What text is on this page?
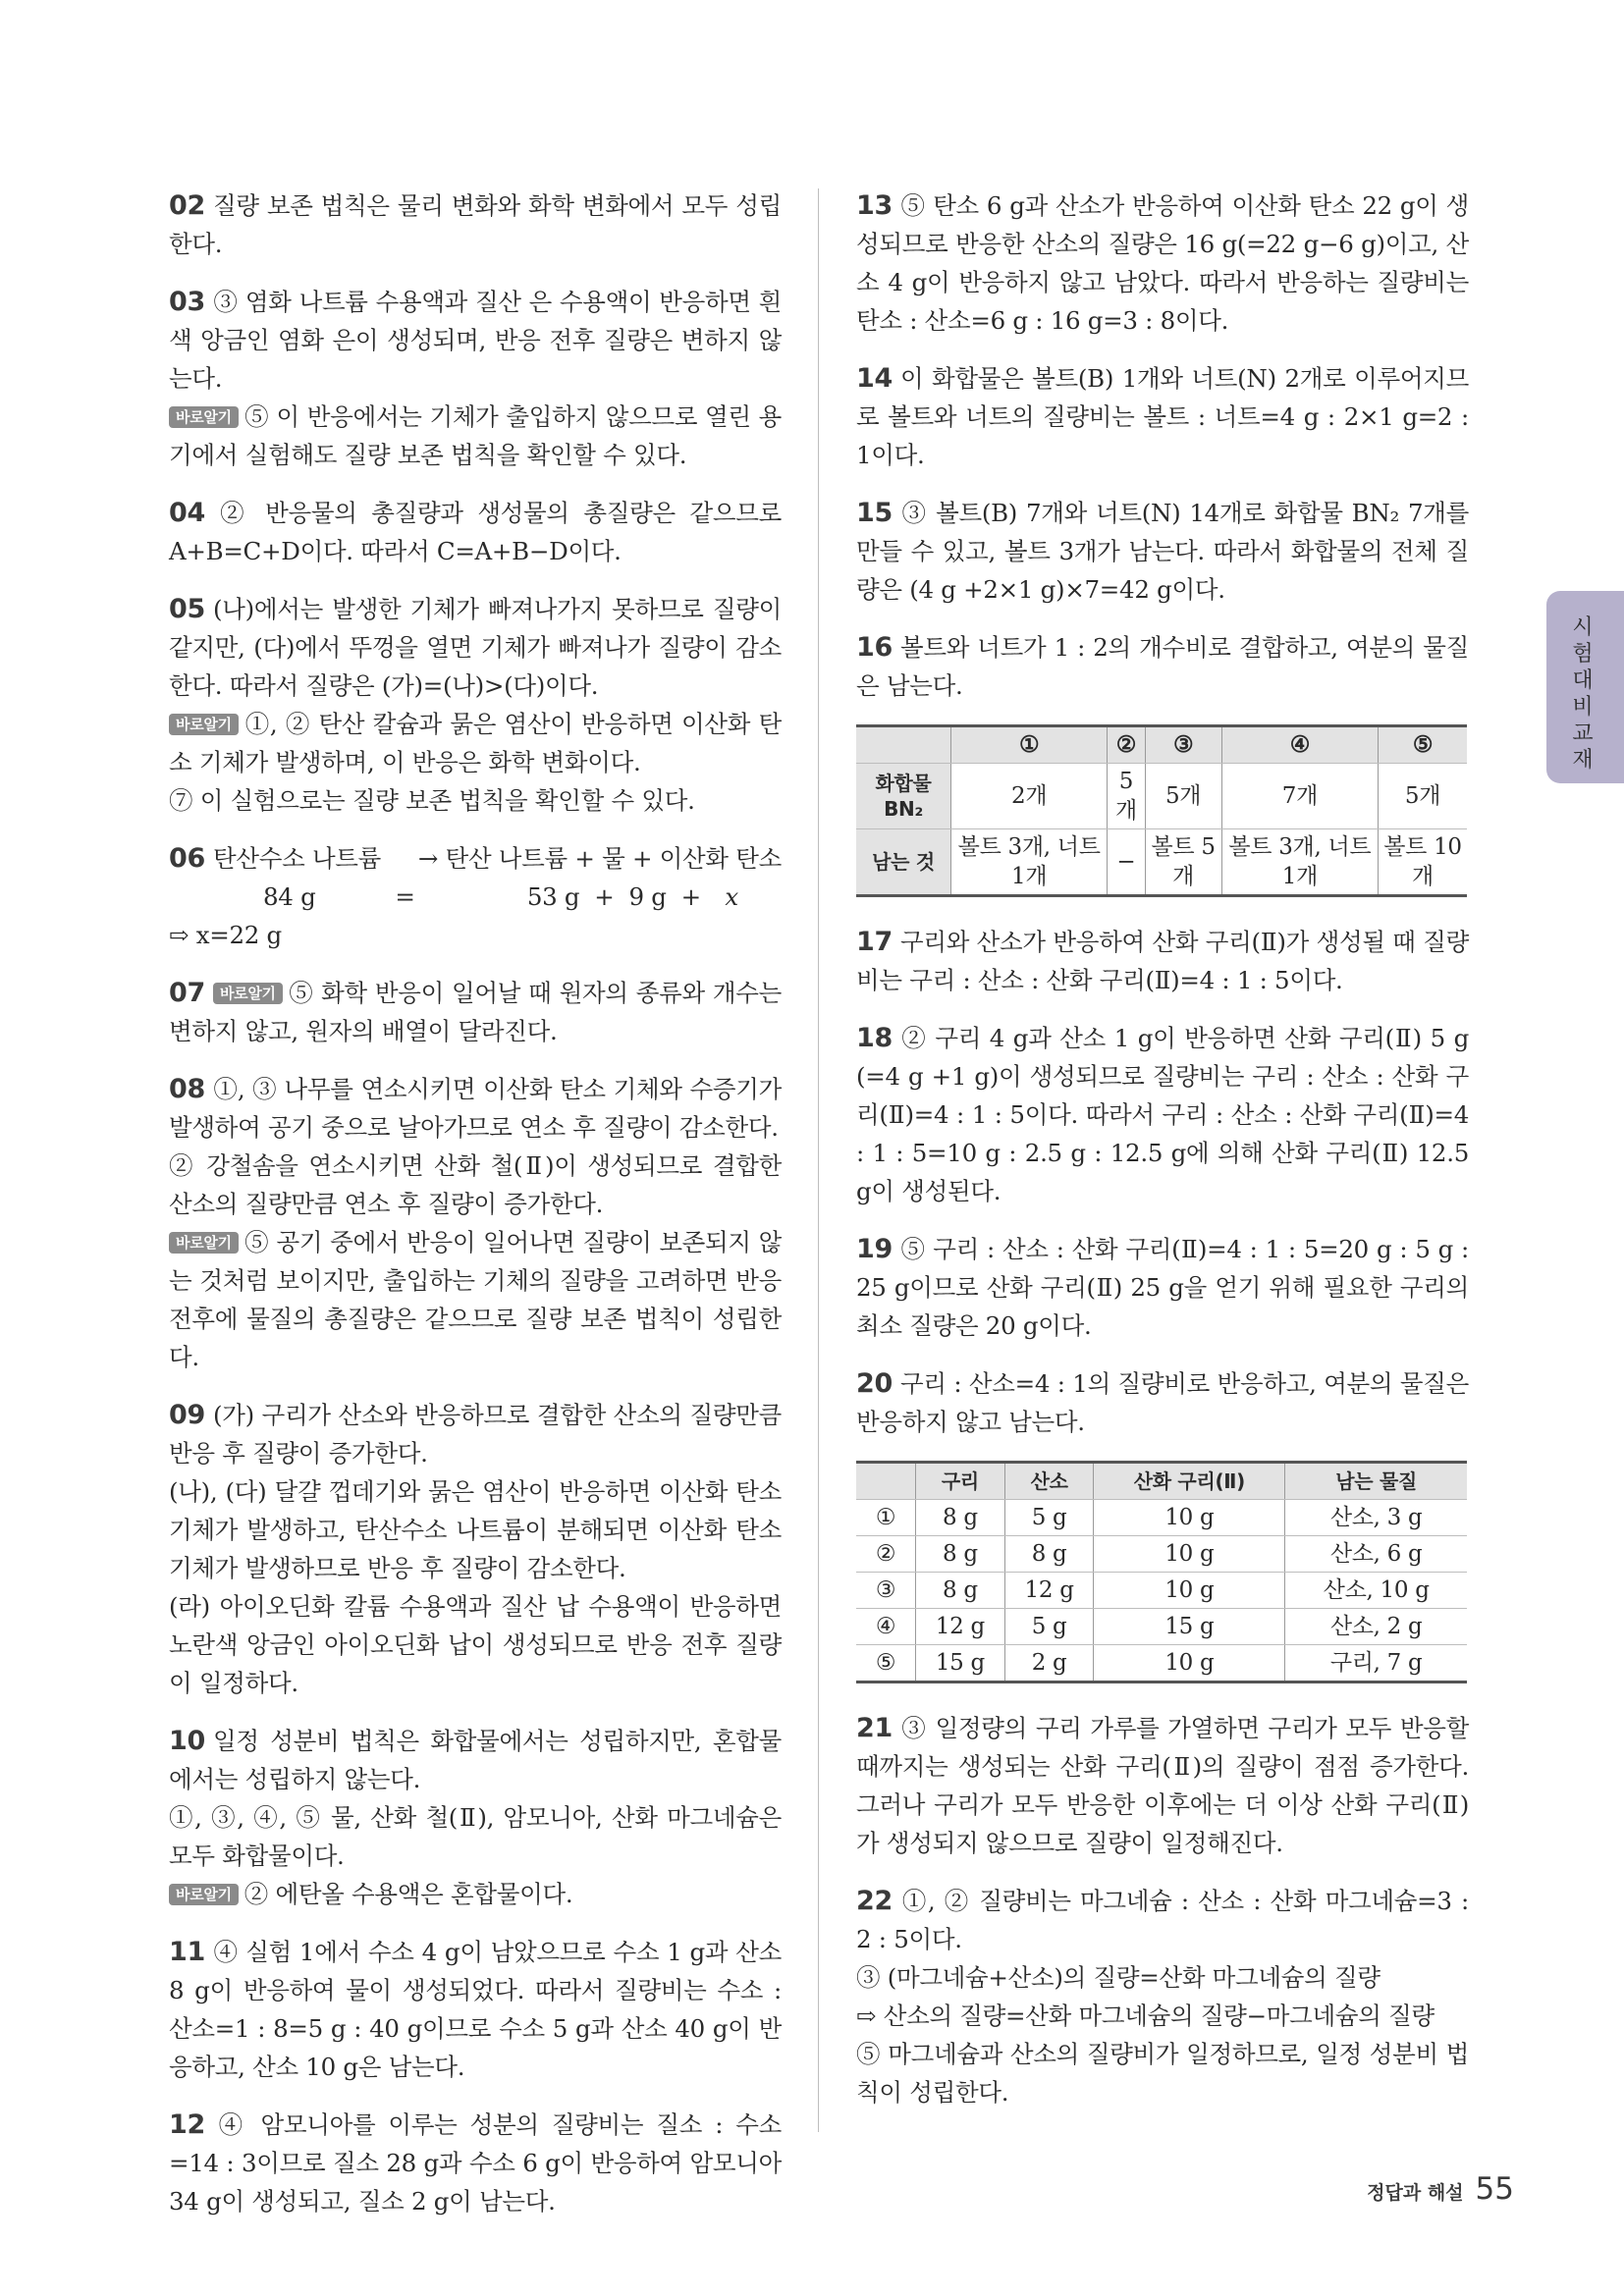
02 질량 보존 법칙은 물리 변화와 화학 변화에서 모두 성립한다.

03 ③ 염화 나트륨 수용액과 질산 은 수용액이 반응하면 흰색 앙금인 염화 은이 생성되며, 반응 전후 질량은 변하지 않는다.

바로알기 ⑤ 이 반응에서는 기체가 출입하지 않으므로 열린 용기에서 실험해도 질량 보존 법칙을 확인할 수 있다.

04 ② 반응물의 총질량과 생성물의 총질량은 같으므로 A+B=C+D이다. 따라서 C=A+B−D이다.

05 (나)에서는 발생한 기체가 빠져나가지 못하므로 질량이 같지만, (다)에서 뚜껑을 열면 기체가 빠져나가 질량이 감소한다. 따라서 질량은 (가)=(나)>(다)이다.

바로알기 ①, ② 탄산 칼슘과 묽은 염산이 반응하면 이산화 탄소 기체가 발생하며, 이 반응은 화학 변화이다.

⑦ 이 실험으로는 질량 보존 법칙을 확인할 수 있다.

06 탄산수소 나트륨	→ 탄산 나트륨 + 물 + 이산화 탄소

84 g	=	53 g  +  9 g  +	x

⇨ x=22 g

07 바로알기 ⑤ 화학 반응이 일어날 때 원자의 종류와 개수는 변하지 않고, 원자의 배열이 달라진다.

08 ①, ③ 나무를 연소시키면 이산화 탄소 기체와 수증기가 발생하여 공기 중으로 날아가므로 연소 후 질량이 감소한다.

② 강철솜을 연소시키면 산화 철(Ⅱ)이 생성되므로 결합한 산소의 질량만큼 연소 후 질량이 증가한다.

바로알기 ⑤ 공기 중에서 반응이 일어나면 질량이 보존되지 않는 것처럼 보이지만, 출입하는 기체의 질량을 고려하면 반응 전후에 물질의 총질량은 같으므로 질량 보존 법칙이 성립한다.

09 (가) 구리가 산소와 반응하므로 결합한 산소의 질량만큼 반응 후 질량이 증가한다.

(나), (다) 달걀 껍데기와 묽은 염산이 반응하면 이산화 탄소 기체가 발생하고, 탄산수소 나트륨이 분해되면 이산화 탄소 기체가 발생하므로 반응 후 질량이 감소한다.

(라) 아이오딘화 칼륨 수용액과 질산 납 수용액이 반응하면 노란색 앙금인 아이오딘화 납이 생성되므로 반응 전후 질량이 일정하다.

10 일정 성분비 법칙은 화합물에서는 성립하지만, 혼합물에서는 성립하지 않는다.

①, ③, ④, ⑤ 물, 산화 철(Ⅱ), 암모니아, 산화 마그네슘은 모두 화합물이다.

바로알기 ② 에탄올 수용액은 혼합물이다.

11 ④ 실험 1에서 수소 4 g이 남았으므로 수소 1 g과 산소 8 g이 반응하여 물이 생성되었다. 따라서 질량비는 수소 : 산소=1 : 8=5 g : 40 g이므로 수소 5 g과 산소 40 g이 반응하고, 산소 10 g은 남는다.

12 ④ 암모니아를 이루는 성분의 질량비는 질소 : 수소=14 : 3이므로 질소 28 g과 수소 6 g이 반응하여 암모니아 34 g이 생성되고, 질소 2 g이 남는다.

13 ⑤ 탄소 6 g과 산소가 반응하여 이산화 탄소 22 g이 생성되므로 반응한 산소의 질량은 16 g(=22 g−6 g)이고, 산소 4 g이 반응하지 않고 남았다. 따라서 반응하는 질량비는 탄소 : 산소=6 g : 16 g=3 : 8이다.

14 이 화합물은 볼트(B) 1개와 너트(N) 2개로 이루어지므로 볼트와 너트의 질량비는 볼트 : 너트=4 g : 2×1 g=2 : 1이다.

15 ③ 볼트(B) 7개와 너트(N) 14개로 화합물 BN₂ 7개를 만들 수 있고, 볼트 3개가 남는다. 따라서 화합물의 전체 질량은 (4 g +2×1 g)×7=42 g이다.

16 볼트와 너트가 1 : 2의 개수비로 결합하고, 여분의 물질은 남는다.

	①	②	③	④	⑤
화합물 BN₂	2개	5개	5개	7개	5개
남는 것	볼트 3개, 너트 1개	−	볼트 5개	볼트 3개, 너트 1개	볼트 10개

17 구리와 산소가 반응하여 산화 구리(Ⅱ)가 생성될 때 질량비는 구리 : 산소 : 산화 구리(Ⅱ)=4 : 1 : 5이다.

18 ② 구리 4 g과 산소 1 g이 반응하면 산화 구리(Ⅱ) 5 g (=4 g +1 g)이 생성되므로 질량비는 구리 : 산소 : 산화 구리(Ⅱ)=4 : 1 : 5이다. 따라서 구리 : 산소 : 산화 구리(Ⅱ)=4 : 1 : 5=10 g : 2.5 g : 12.5 g에 의해 산화 구리(Ⅱ) 12.5 g이 생성된다.

19 ⑤ 구리 : 산소 : 산화 구리(Ⅱ)=4 : 1 : 5=20 g : 5 g : 25 g이므로 산화 구리(Ⅱ) 25 g을 얻기 위해 필요한 구리의 최소 질량은 20 g이다.

20 구리 : 산소=4 : 1의 질량비로 반응하고, 여분의 물질은 반응하지 않고 남는다.

	구리	산소	산화 구리(Ⅱ)	남는 물질
①	8 g	5 g	10 g	산소, 3 g
②	8 g	8 g	10 g	산소, 6 g
③	8 g	12 g	10 g	산소, 10 g
④	12 g	5 g	15 g	산소, 2 g
⑤	15 g	2 g	10 g	구리, 7 g

21 ③ 일정량의 구리 가루를 가열하면 구리가 모두 반응할 때까지는 생성되는 산화 구리(Ⅱ)의 질량이 점점 증가한다. 그러나 구리가 모두 반응한 이후에는 더 이상 산화 구리(Ⅱ)가 생성되지 않으므로 질량이 일정해진다.

22 ①, ② 질량비는 마그네슘 : 산소 : 산화 마그네슘=3 : 2 : 5이다.

③ (마그네슘+산소)의 질량=산화 마그네슘의 질량

⇨ 산소의 질량=산화 마그네슘의 질량−마그네슘의 질량

⑤ 마그네슘과 산소의 질량비가 일정하므로, 일정 성분비 법칙이 성립한다.

시험 대비 교재
정답과 해설 55
